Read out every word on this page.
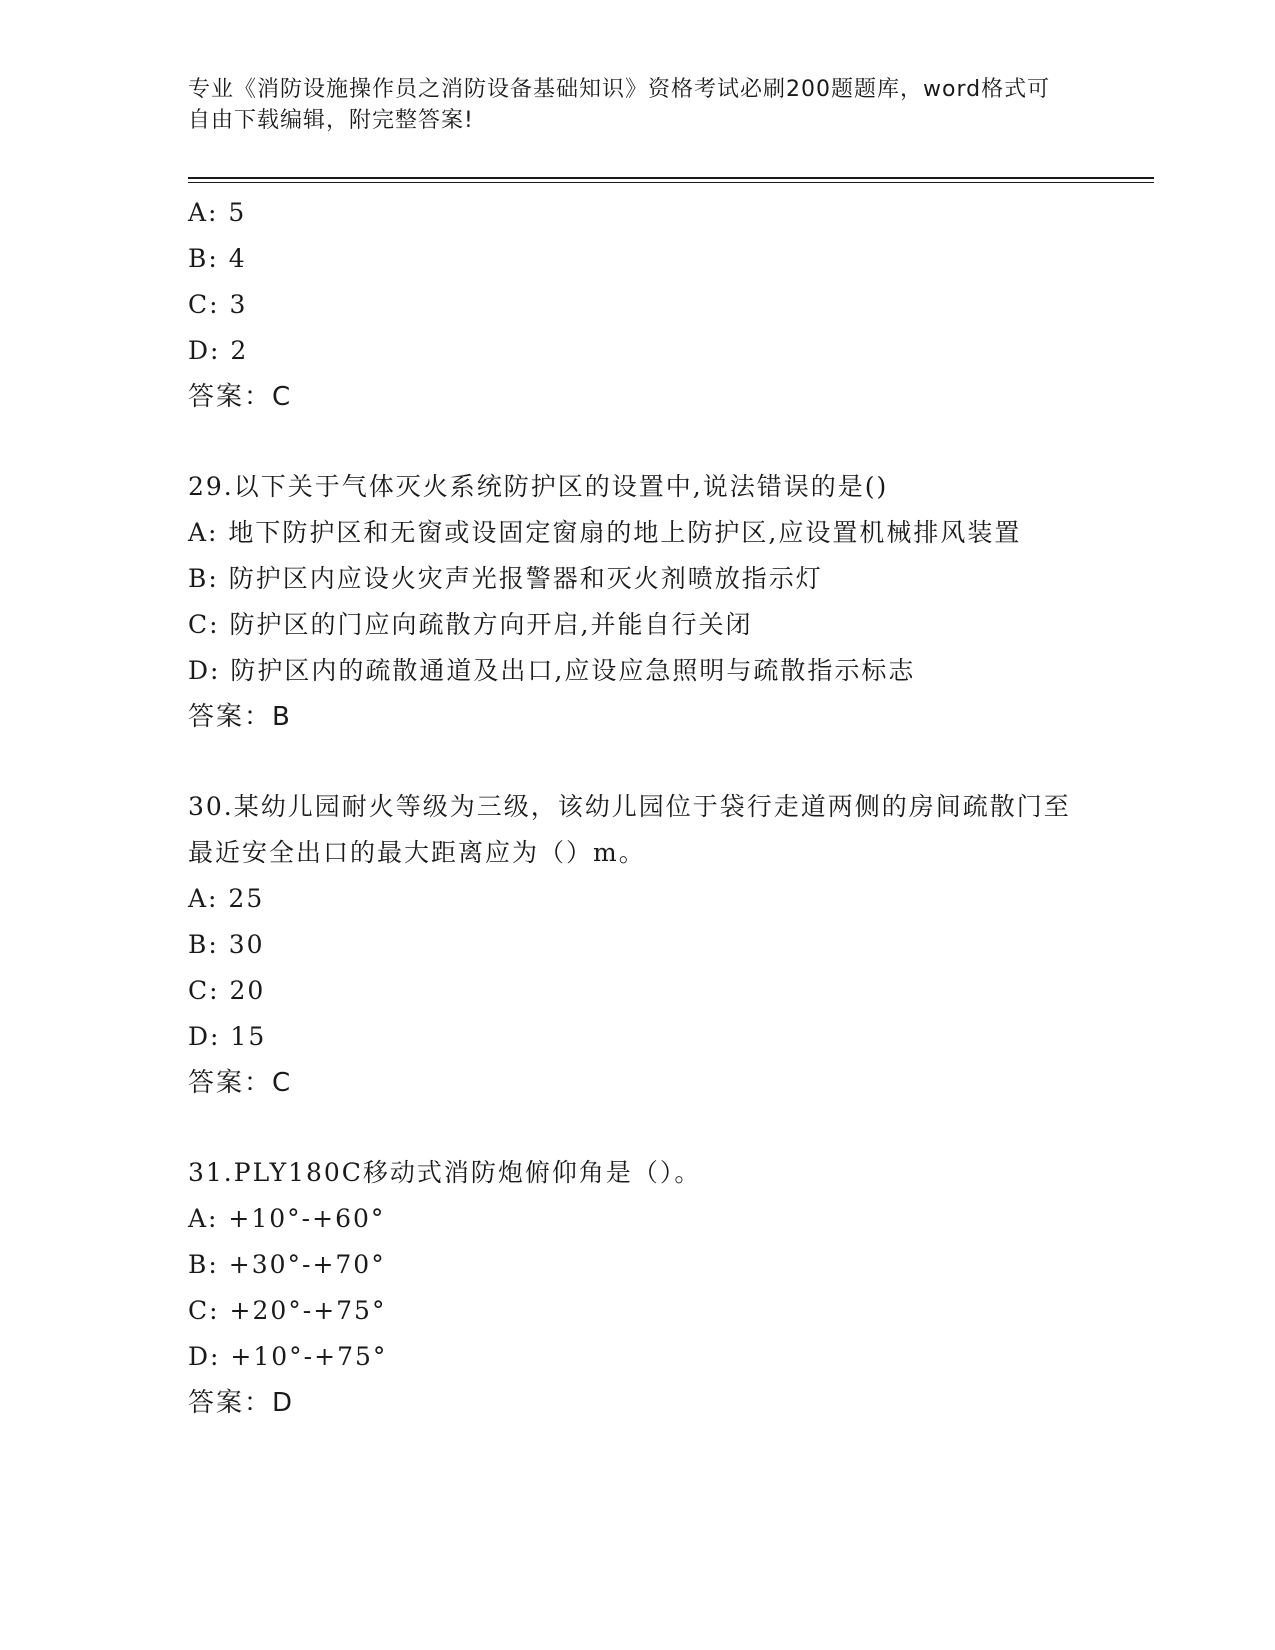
专业《消防设施操作员之消防设备基础知识》资格考试必刷200题题库，word格式可自由下载编辑，附完整答案!
A: 5
B: 4
C: 3
D: 2
答案：C
29.以下关于气体灭火系统防护区的设置中,说法错误的是()
A: 地下防护区和无窗或设固定窗扇的地上防护区,应设置机械排风装置
B: 防护区内应设火灾声光报警器和灭火剂喷放指示灯
C: 防护区的门应向疏散方向开启,并能自行关闭
D: 防护区内的疏散通道及出口,应设应急照明与疏散指示标志
答案：B
30.某幼儿园耐火等级为三级，该幼儿园位于袋行走道两侧的房间疏散门至最近安全出口的最大距离应为（）m。
A: 25
B: 30
C: 20
D: 15
答案：C
31.PLY180C移动式消防炮俯仰角是（）。
A: +10°-+60°
B: +30°-+70°
C: +20°-+75°
D: +10°-+75°
答案：D
